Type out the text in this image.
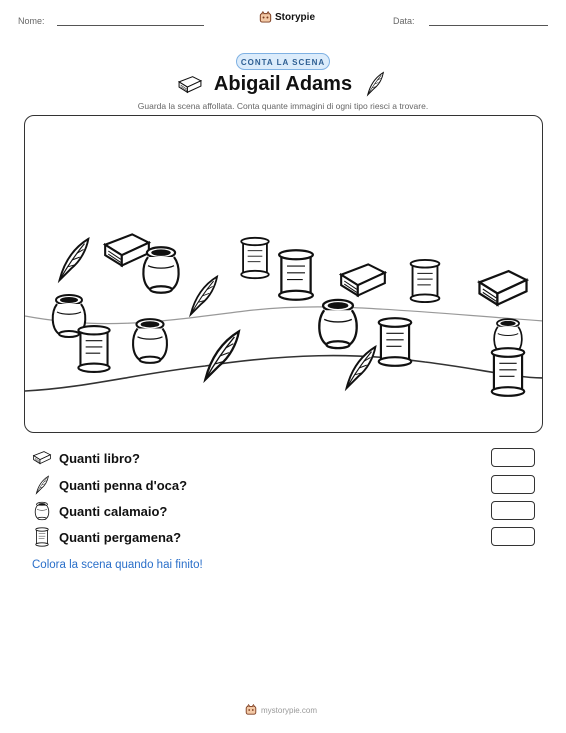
Nome:	Storypie	Data:
CONTA LA SCENA
Abigail Adams
Guarda la scena affollata. Conta quante immagini di ogni tipo riesci a trovare.
Quanti libro?
Quanti penna d'oca?
Quanti calamaio?
Quanti pergamena?
Colora la scena quando hai finito!
mystorypie.com
